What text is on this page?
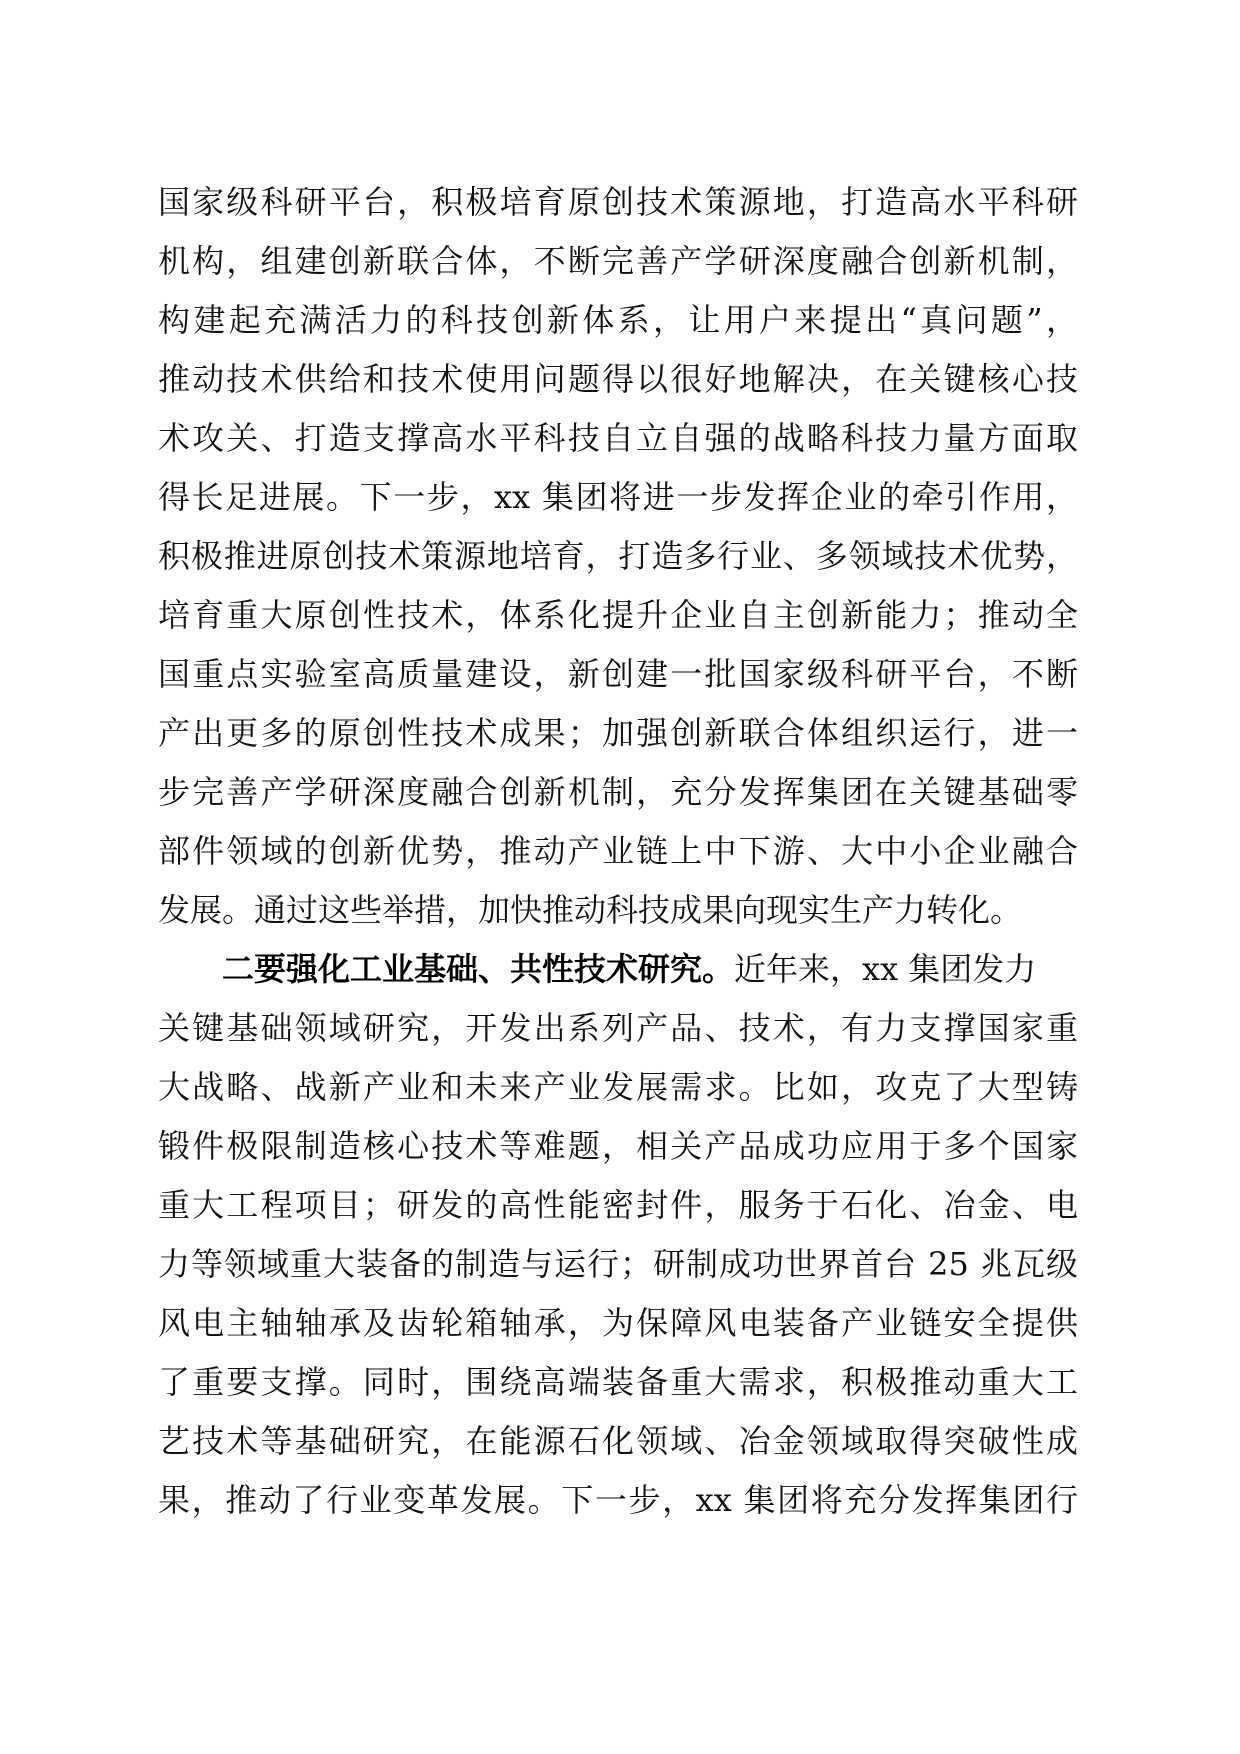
国家级科研平台，积极培育原创技术策源地，打造高水平科研
机构，组建创新联合体，不断完善产学研深度融合创新机制，
构建起充满活力的科技创新体系，让用户来提出“真问题”，
推动技术供给和技术使用问题得以很好地解决，在关键核心技
术攻关、打造支撑高水平科技自立自强的战略科技力量方面取
得长足进展。下一步，xx 集团将进一步发挥企业的牵引作用，
积极推进原创技术策源地培育，打造多行业、多领域技术优势，
培育重大原创性技术，体系化提升企业自主创新能力；推动全
国重点实验室高质量建设，新创建一批国家级科研平台，不断
产出更多的原创性技术成果；加强创新联合体组织运行，进一
步完善产学研深度融合创新机制，充分发挥集团在关键基础零
部件领域的创新优势，推动产业链上中下游、大中小企业融合
发展。通过这些举措，加快推动科技成果向现实生产力转化。
二要强化工业基础、共性技术研究。近年来，xx 集团发力
关键基础领域研究，开发出系列产品、技术，有力支撑国家重
大战略、战新产业和未来产业发展需求。比如，攻克了大型铸
锻件极限制造核心技术等难题，相关产品成功应用于多个国家
重大工程项目；研发的高性能密封件，服务于石化、冶金、电
力等领域重大装备的制造与运行；研制成功世界首台 25 兆瓦级
风电主轴轴承及齿轮箱轴承，为保障风电装备产业链安全提供
了重要支撑。同时，围绕高端装备重大需求，积极推动重大工
艺技术等基础研究，在能源石化领域、冶金领域取得突破性成
果，推动了行业变革发展。下一步，xx 集团将充分发挥集团行
